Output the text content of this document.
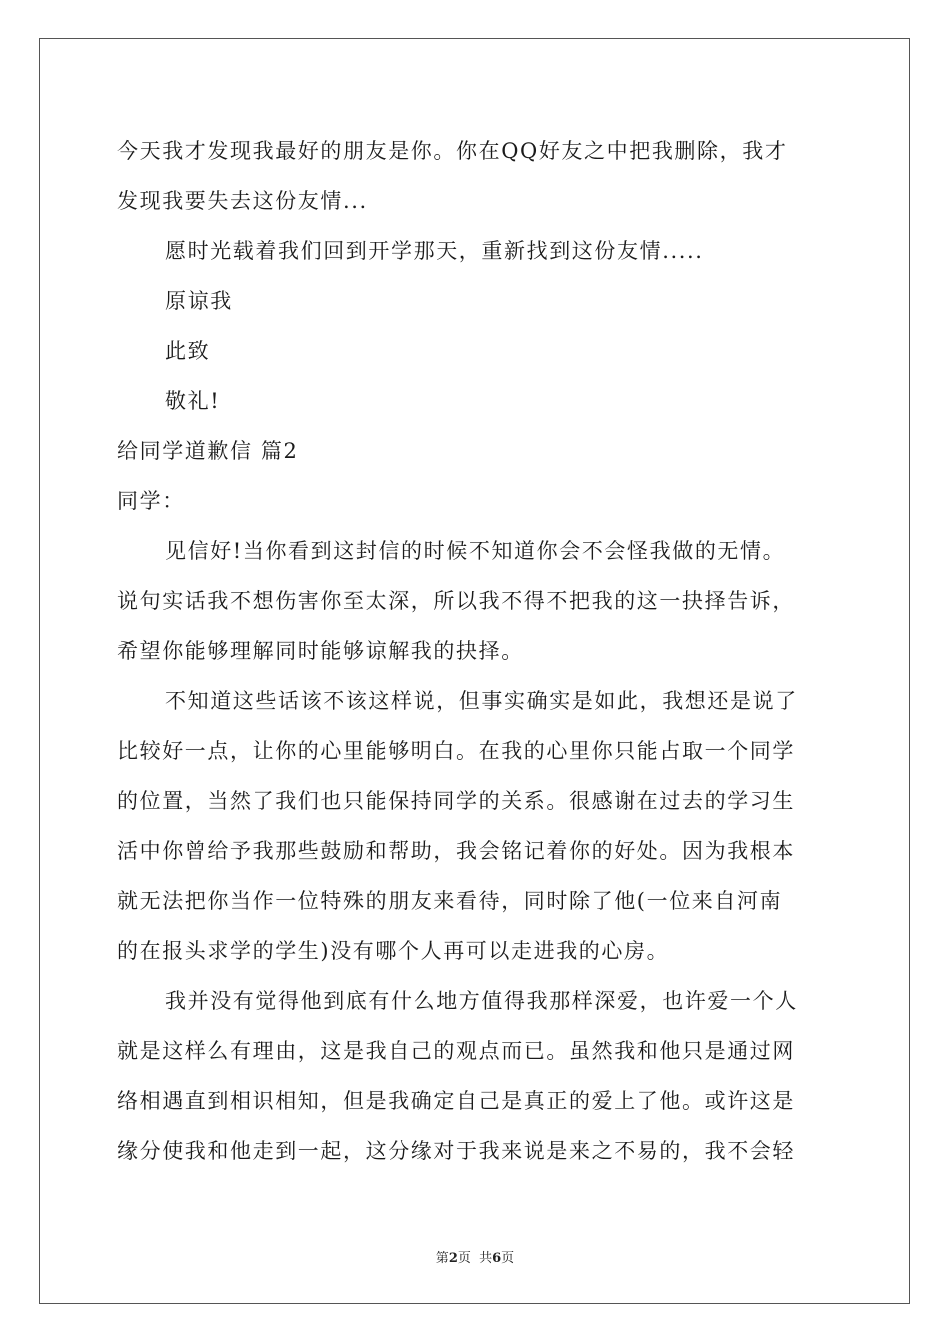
今天我才发现我最好的朋友是你。你在QQ好友之中把我删除，我才
发现我要失去这份友情...
愿时光载着我们回到开学那天，重新找到这份友情.....
原谅我
此致
敬礼!
给同学道歉信 篇2
同学：
见信好!当你看到这封信的时候不知道你会不会怪我做的无情。
说句实话我不想伤害你至太深，所以我不得不把我的这一抉择告诉，
希望你能够理解同时能够谅解我的抉择。
不知道这些话该不该这样说，但事实确实是如此，我想还是说了
比较好一点，让你的心里能够明白。在我的心里你只能占取一个同学
的位置，当然了我们也只能保持同学的关系。很感谢在过去的学习生
活中你曾给予我那些鼓励和帮助，我会铭记着你的好处。因为我根本
就无法把你当作一位特殊的朋友来看待，同时除了他(一位来自河南
的在报头求学的学生)没有哪个人再可以走进我的心房。
我并没有觉得他到底有什么地方值得我那样深爱，也许爱一个人
就是这样么有理由，这是我自己的观点而已。虽然我和他只是通过网
络相遇直到相识相知，但是我确定自己是真正的爱上了他。或许这是
缘分使我和他走到一起，这分缘对于我来说是来之不易的，我不会轻
第2页  共6页
